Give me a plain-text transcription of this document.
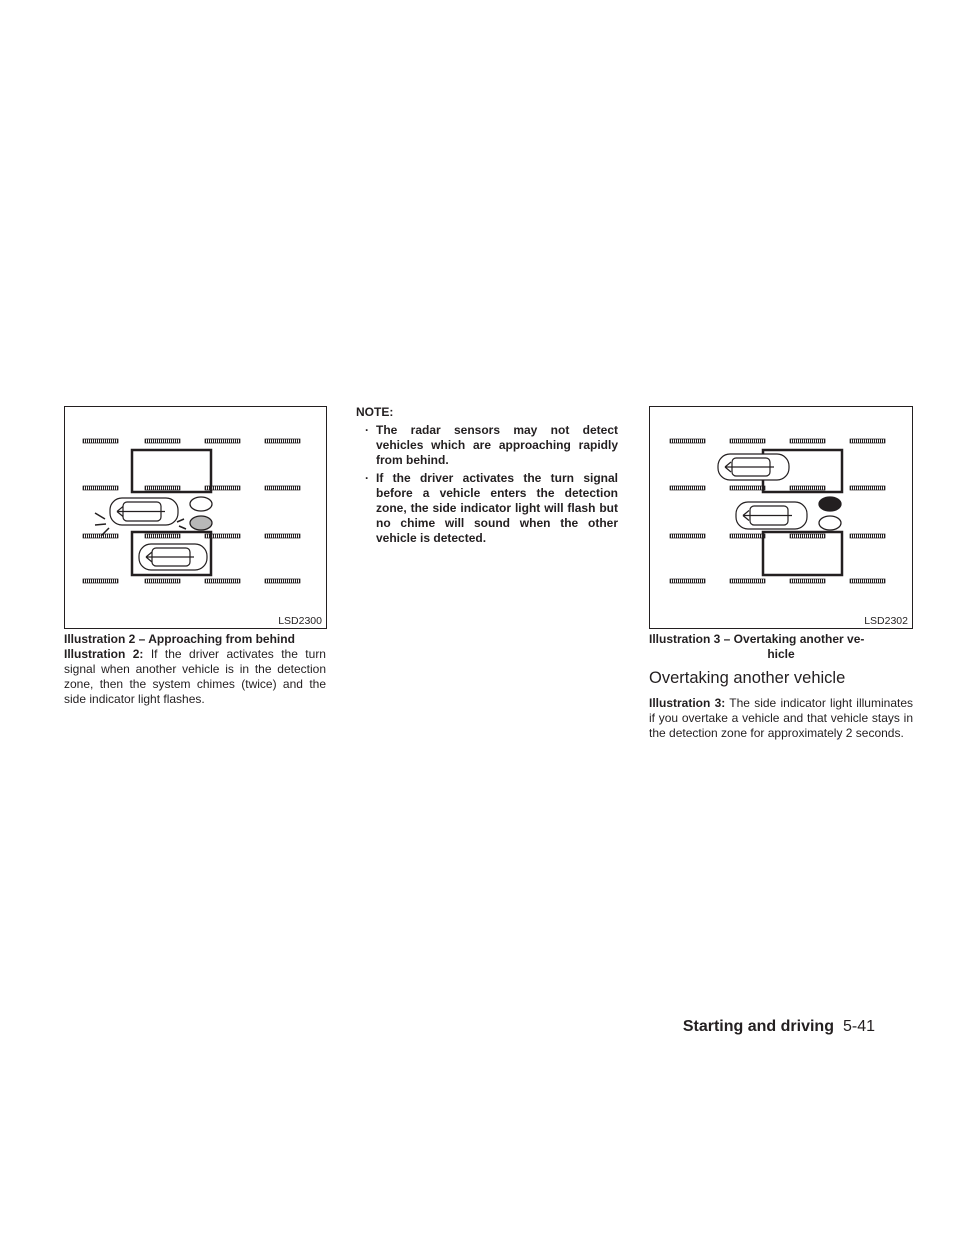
LSD2300
Illustration 2 – Approaching from behind

Illustration 2: If the driver activates the turn signal when another vehicle is in the detection zone, then the system chimes (twice) and the side indicator light flashes.

NOTE:
· The radar sensors may not detect vehicles which are approaching rapidly from behind.
· If the driver activates the turn signal before a vehicle enters the detection zone, the side indicator light will flash but no chime will sound when the other vehicle is detected.
LSD2302
Illustration 3 – Overtaking another ve-
hicle
Overtaking another vehicle

Illustration 3: The side indicator light illuminates if you overtake a vehicle and that vehicle stays in the detection zone for approximately 2 seconds.

Starting and driving 5-41
